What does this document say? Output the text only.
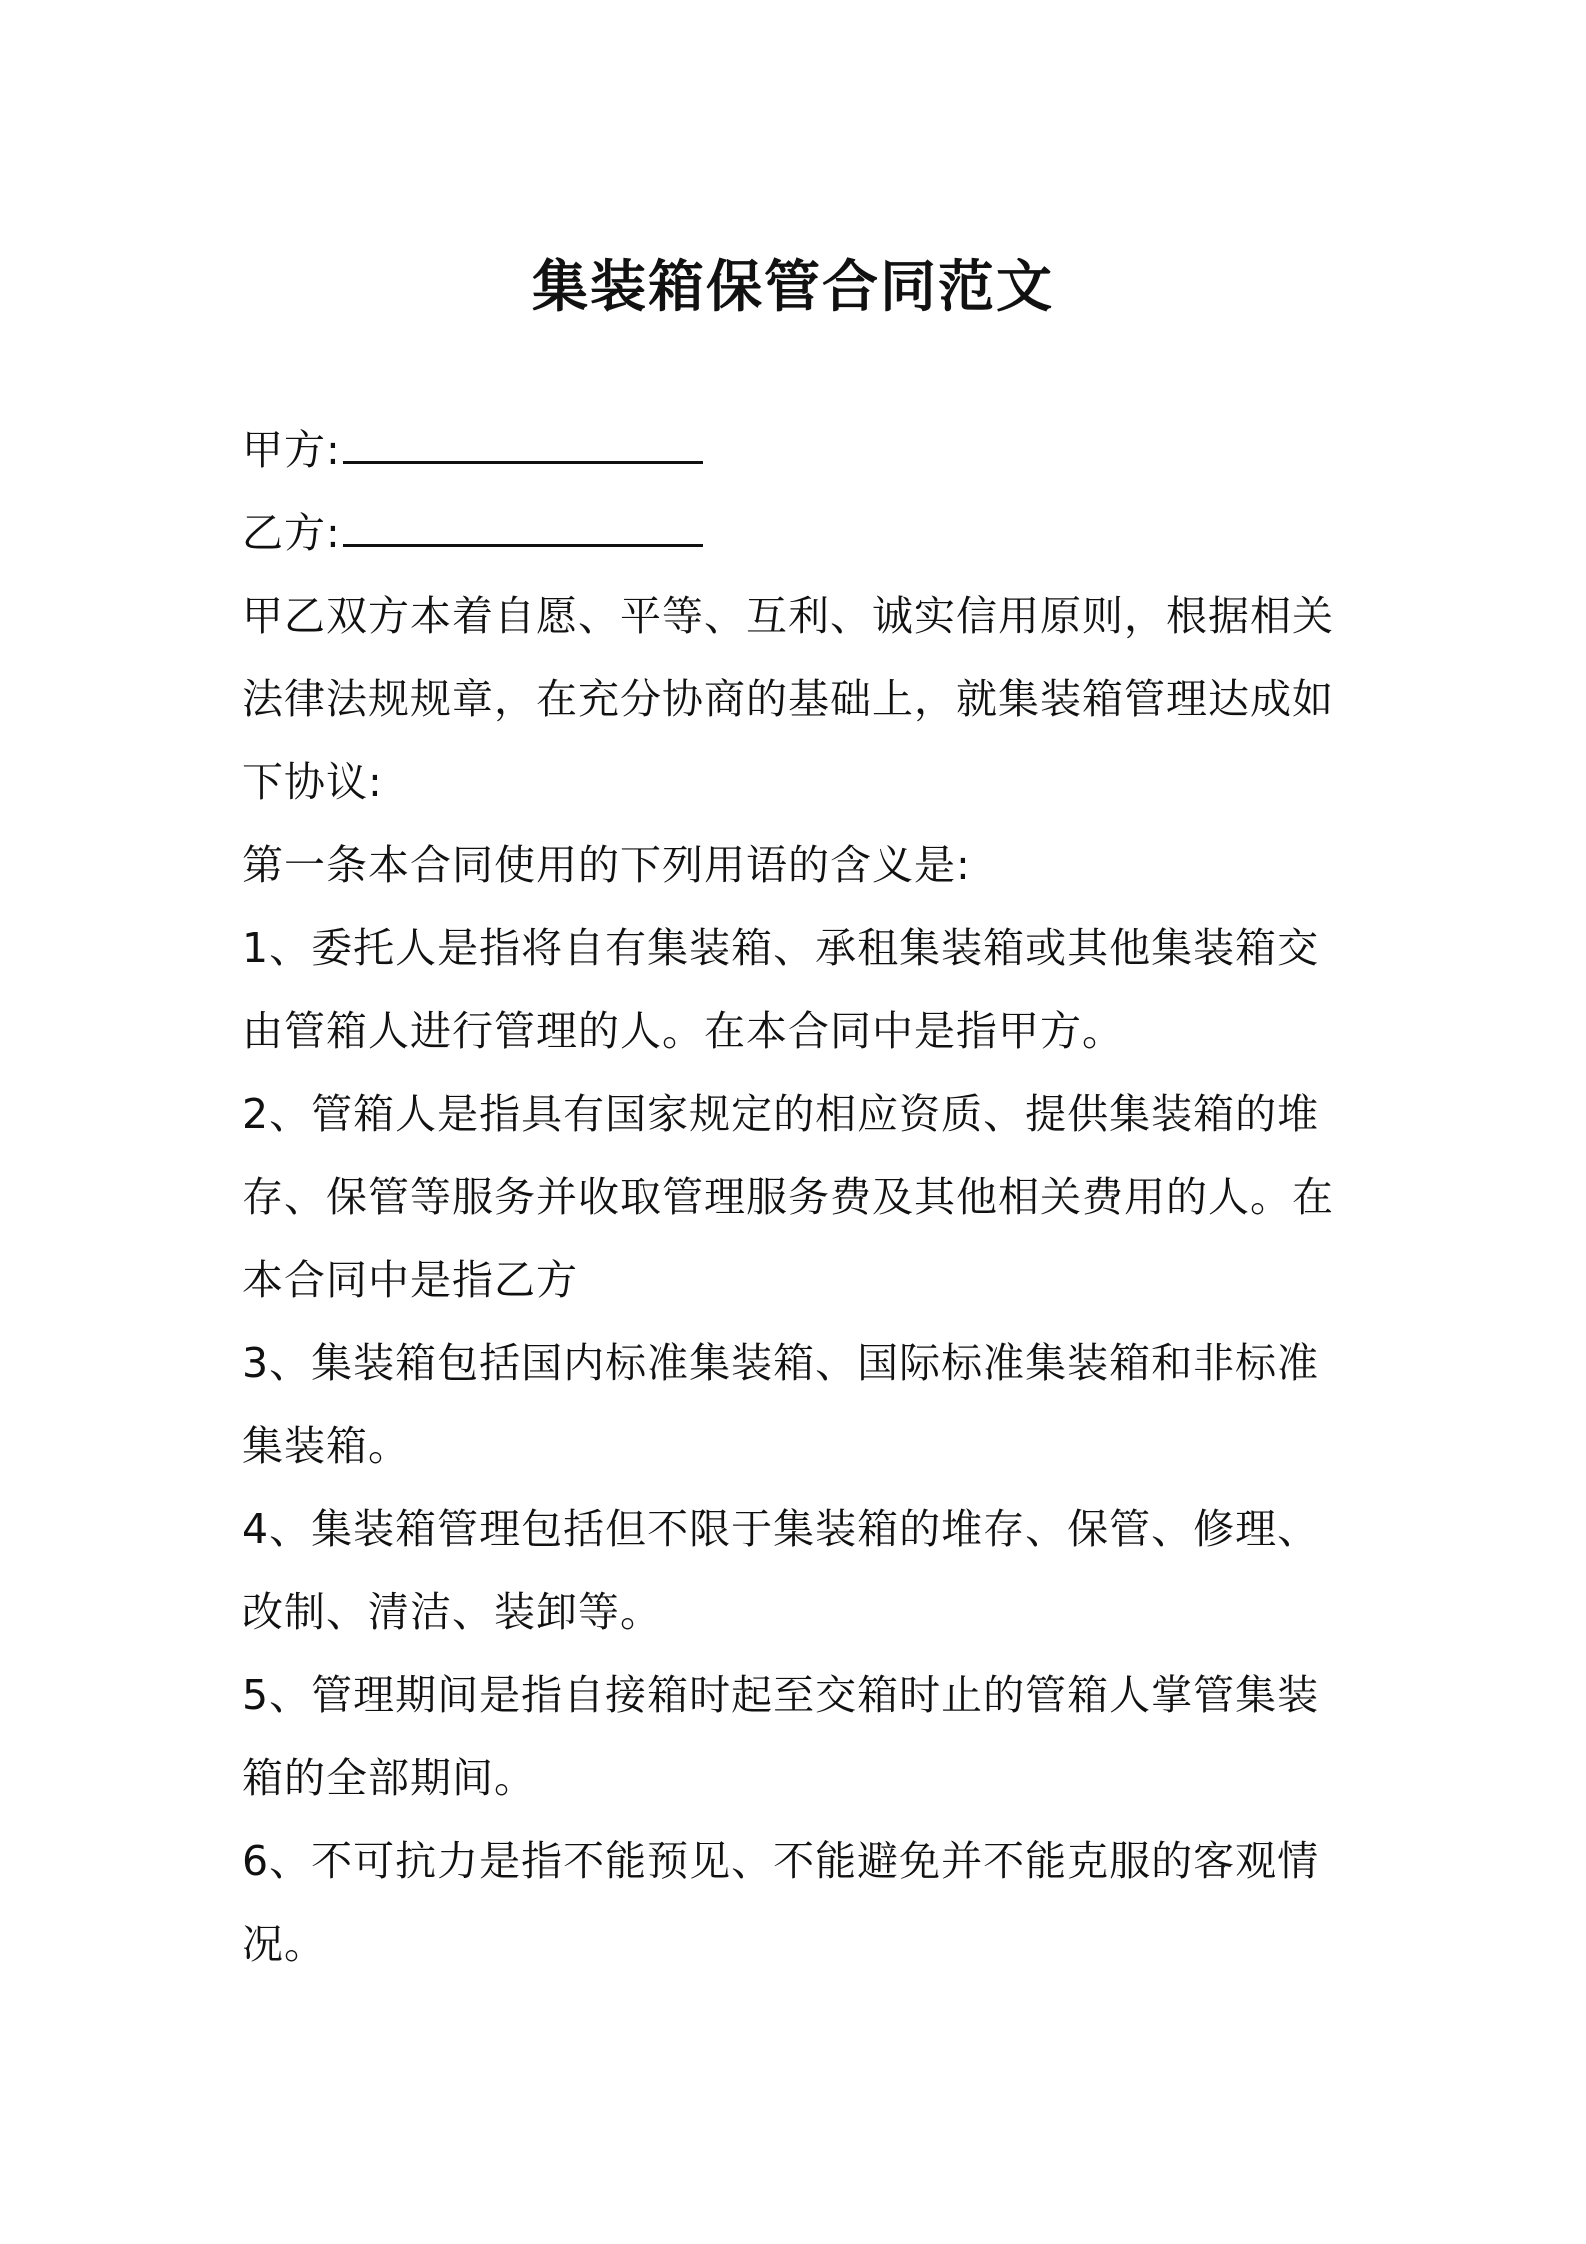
集装箱保管合同范文
甲方:
乙方:
甲乙双方本着自愿、平等、互利、诚实信用原则，根据相关
法律法规规章，在充分协商的基础上，就集装箱管理达成如
下协议:
第一条本合同使用的下列用语的含义是:
1、委托人是指将自有集装箱、承租集装箱或其他集装箱交
由管箱人进行管理的人。在本合同中是指甲方。
2、管箱人是指具有国家规定的相应资质、提供集装箱的堆
存、保管等服务并收取管理服务费及其他相关费用的人。在
本合同中是指乙方
3、集装箱包括国内标准集装箱、国际标准集装箱和非标准
集装箱。
4、集装箱管理包括但不限于集装箱的堆存、保管、修理、
改制、清洁、装卸等。
5、管理期间是指自接箱时起至交箱时止的管箱人掌管集装
箱的全部期间。
6、不可抗力是指不能预见、不能避免并不能克服的客观情
况。
